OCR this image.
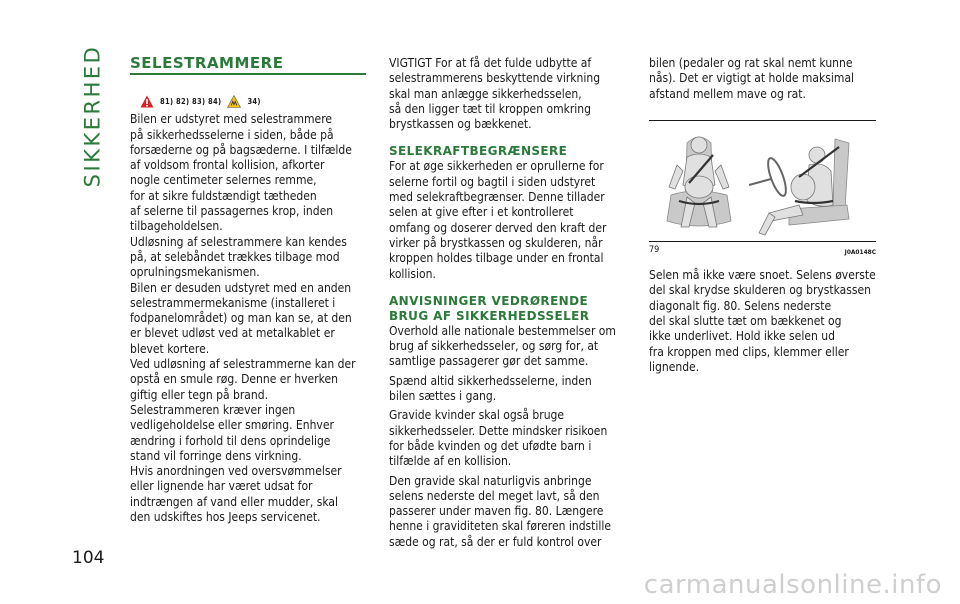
SIKKERHED
104
SELESTRAMMERE
81) 82) 83) 84)	34)

Bilen er udstyret med selestrammere

på sikkerhedsselerne i siden, både på

forsæderne og på bagsæderne. I tilfælde

af voldsom frontal kollision, afkorter

nogle centimeter selernes remme,

for at sikre fuldstændigt tætheden

af selerne til passagernes krop, inden

tilbageholdelsen.

Udløsning af selestrammere kan kendes

på, at selebåndet trækkes tilbage mod

oprulningsmekanismen.

Bilen er desuden udstyret med en anden

selestrammermekanisme (installeret i

fodpanelområdet) og man kan se, at den

er blevet udløst ved at metalkablet er

blevet kortere.

Ved udløsning af selestrammerne kan der

opstå en smule røg. Denne er hverken

giftig eller tegn på brand.

Selestrammeren kræver ingen

vedligeholdelse eller smøring. Enhver

ændring i forhold til dens oprindelige

stand vil forringe dens virkning.

Hvis anordningen ved oversvømmelser

eller lignende har været udsat for

indtrængen af vand eller mudder, skal

den udskiftes hos Jeeps servicenet.

VIGTIGT For at få det fulde udbytte af

selestrammerens beskyttende virkning

skal man anlægge sikkerhedsselen,

så den ligger tæt til kroppen omkring

brystkassen og bækkenet.

SELEKRAFTBEGRÆNSERE

For at øge sikkerheden er oprullerne for

selerne fortil og bagtil i siden udstyret

med selekraftbegrænser. Denne tillader

selen at give efter i et kontrolleret

omfang og doserer derved den kraft der

virker på brystkassen og skulderen, når

kroppen holdes tilbage under en frontal

kollision.

ANVISNINGER VEDRØRENDE
BRUG AF SIKKERHEDSSELER

Overhold alle nationale bestemmelser om

brug af sikkerhedsseler, og sørg for, at

samtlige passagerer gør det samme.

Spænd altid sikkerhedsselerne, inden

bilen sættes i gang.

Gravide kvinder skal også bruge

sikkerhedsseler. Dette mindsker risikoen

for både kvinden og det ufødte barn i

tilfælde af en kollision.

Den gravide skal naturligvis anbringe

selens nederste del meget lavt, så den

passerer under maven fig. 80. Længere

henne i graviditeten skal føreren indstille

sæde og rat, så der er fuld kontrol over

bilen (pedaler og rat skal nemt kunne

nås). Det er vigtigt at holde maksimal

afstand mellem mave og rat.

79	J0A0148C

Selen må ikke være snoet. Selens øverste

del skal krydse skulderen og brystkassen

diagonalt fig. 80. Selens nederste

del skal slutte tæt om bækkenet og

ikke underlivet. Hold ikke selen ud

fra kroppen med clips, klemmer eller

lignende.

carmanualsonline.info
